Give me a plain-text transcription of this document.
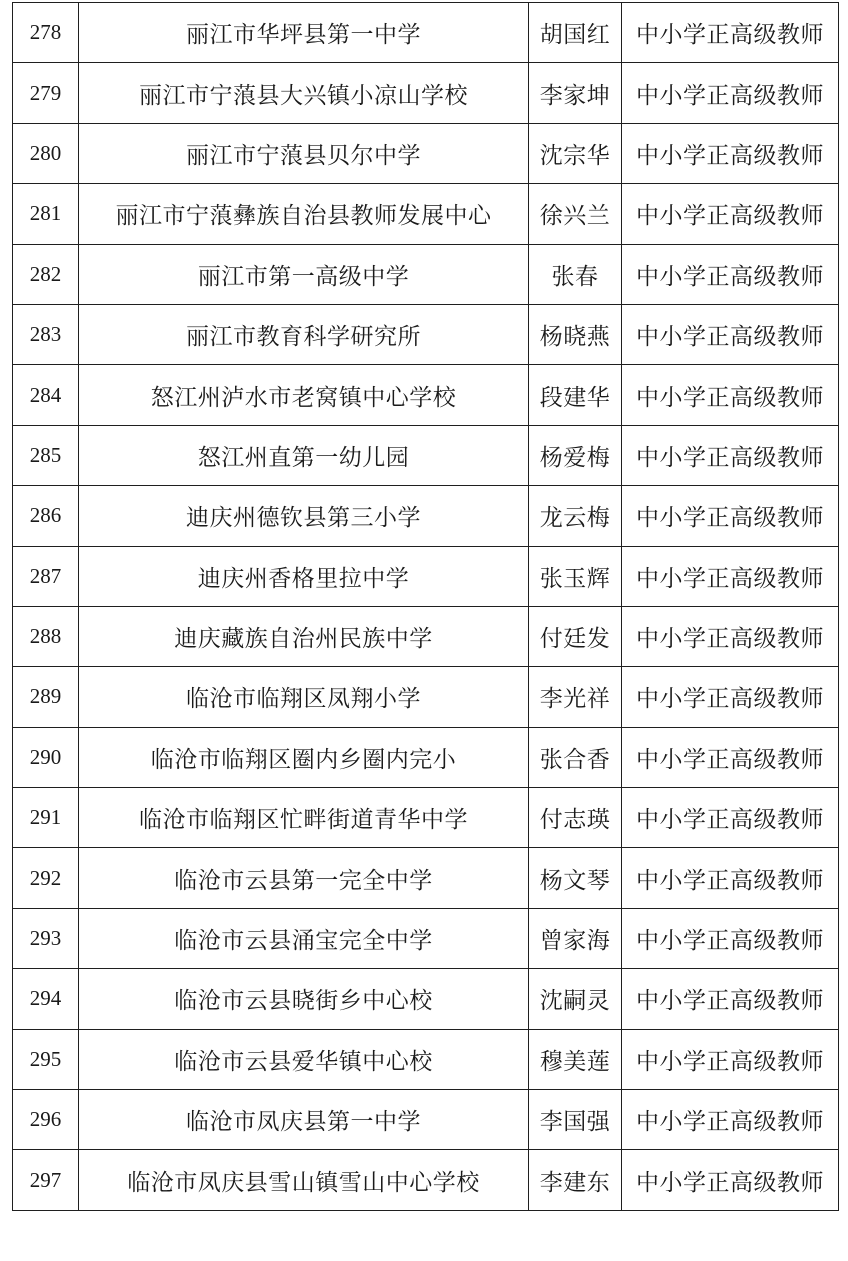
278	丽江市华坪县第一中学	胡国红	中小学正高级教师
279	丽江市宁蒗县大兴镇小凉山学校	李家坤	中小学正高级教师
280	丽江市宁蒗县贝尔中学	沈宗华	中小学正高级教师
281	丽江市宁蒗彝族自治县教师发展中心	徐兴兰	中小学正高级教师
282	丽江市第一高级中学	张春	中小学正高级教师
283	丽江市教育科学研究所	杨晓燕	中小学正高级教师
284	怒江州泸水市老窝镇中心学校	段建华	中小学正高级教师
285	怒江州直第一幼儿园	杨爱梅	中小学正高级教师
286	迪庆州德钦县第三小学	龙云梅	中小学正高级教师
287	迪庆州香格里拉中学	张玉辉	中小学正高级教师
288	迪庆藏族自治州民族中学	付廷发	中小学正高级教师
289	临沧市临翔区凤翔小学	李光祥	中小学正高级教师
290	临沧市临翔区圈内乡圈内完小	张合香	中小学正高级教师
291	临沧市临翔区忙畔街道青华中学	付志瑛	中小学正高级教师
292	临沧市云县第一完全中学	杨文琴	中小学正高级教师
293	临沧市云县涌宝完全中学	曾家海	中小学正高级教师
294	临沧市云县晓街乡中心校	沈嗣灵	中小学正高级教师
295	临沧市云县爱华镇中心校	穆美莲	中小学正高级教师
296	临沧市凤庆县第一中学	李国强	中小学正高级教师
297	临沧市凤庆县雪山镇雪山中心学校	李建东	中小学正高级教师
